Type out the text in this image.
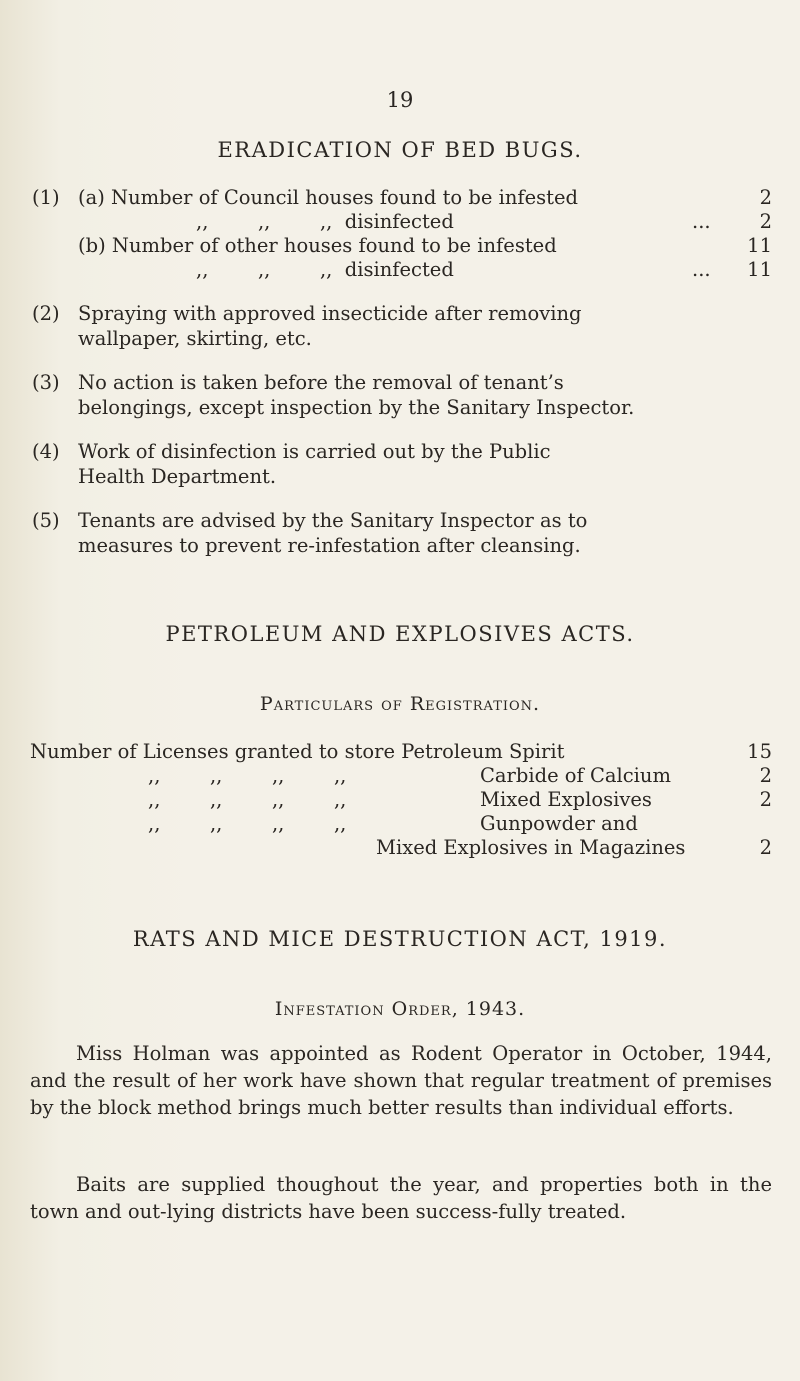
19
ERADICATION OF BED BUGS.
(1) (a) Number of Council houses found to be infested	2
,,        ,,        ,,  disinfected	...	2
(b) Number of other houses found to be infested	11
,,        ,,        ,,  disinfected	...	11
(2) Spraying with approved insecticide after removing
wallpaper, skirting, etc.
(3) No action is taken before the removal of tenant’s
belongings, except inspection by the Sanitary Inspector.
(4) Work of disinfection is carried out by the Public
Health Department.
(5) Tenants are advised by the Sanitary Inspector as to
measures to prevent re-infestation after cleansing.
PETROLEUM AND EXPLOSIVES ACTS.
Particulars of Registration.
Number of Licenses granted to store Petroleum Spirit	15
,,        ,,        ,,        ,,	Carbide of Calcium	2
,,        ,,        ,,        ,,	Mixed Explosives	2
,,        ,,        ,,        ,,	Gunpowder and
Mixed Explosives in Magazines	2
RATS AND MICE DESTRUCTION ACT, 1919.
Infestation Order, 1943.
Miss Holman was appointed as Rodent Operator in October, 1944, and the result of her work have shown that regular treatment of premises by the block method brings much better results than individual efforts.
Baits are supplied thoughout the year, and properties both in the town and out-lying districts have been success-fully treated.
